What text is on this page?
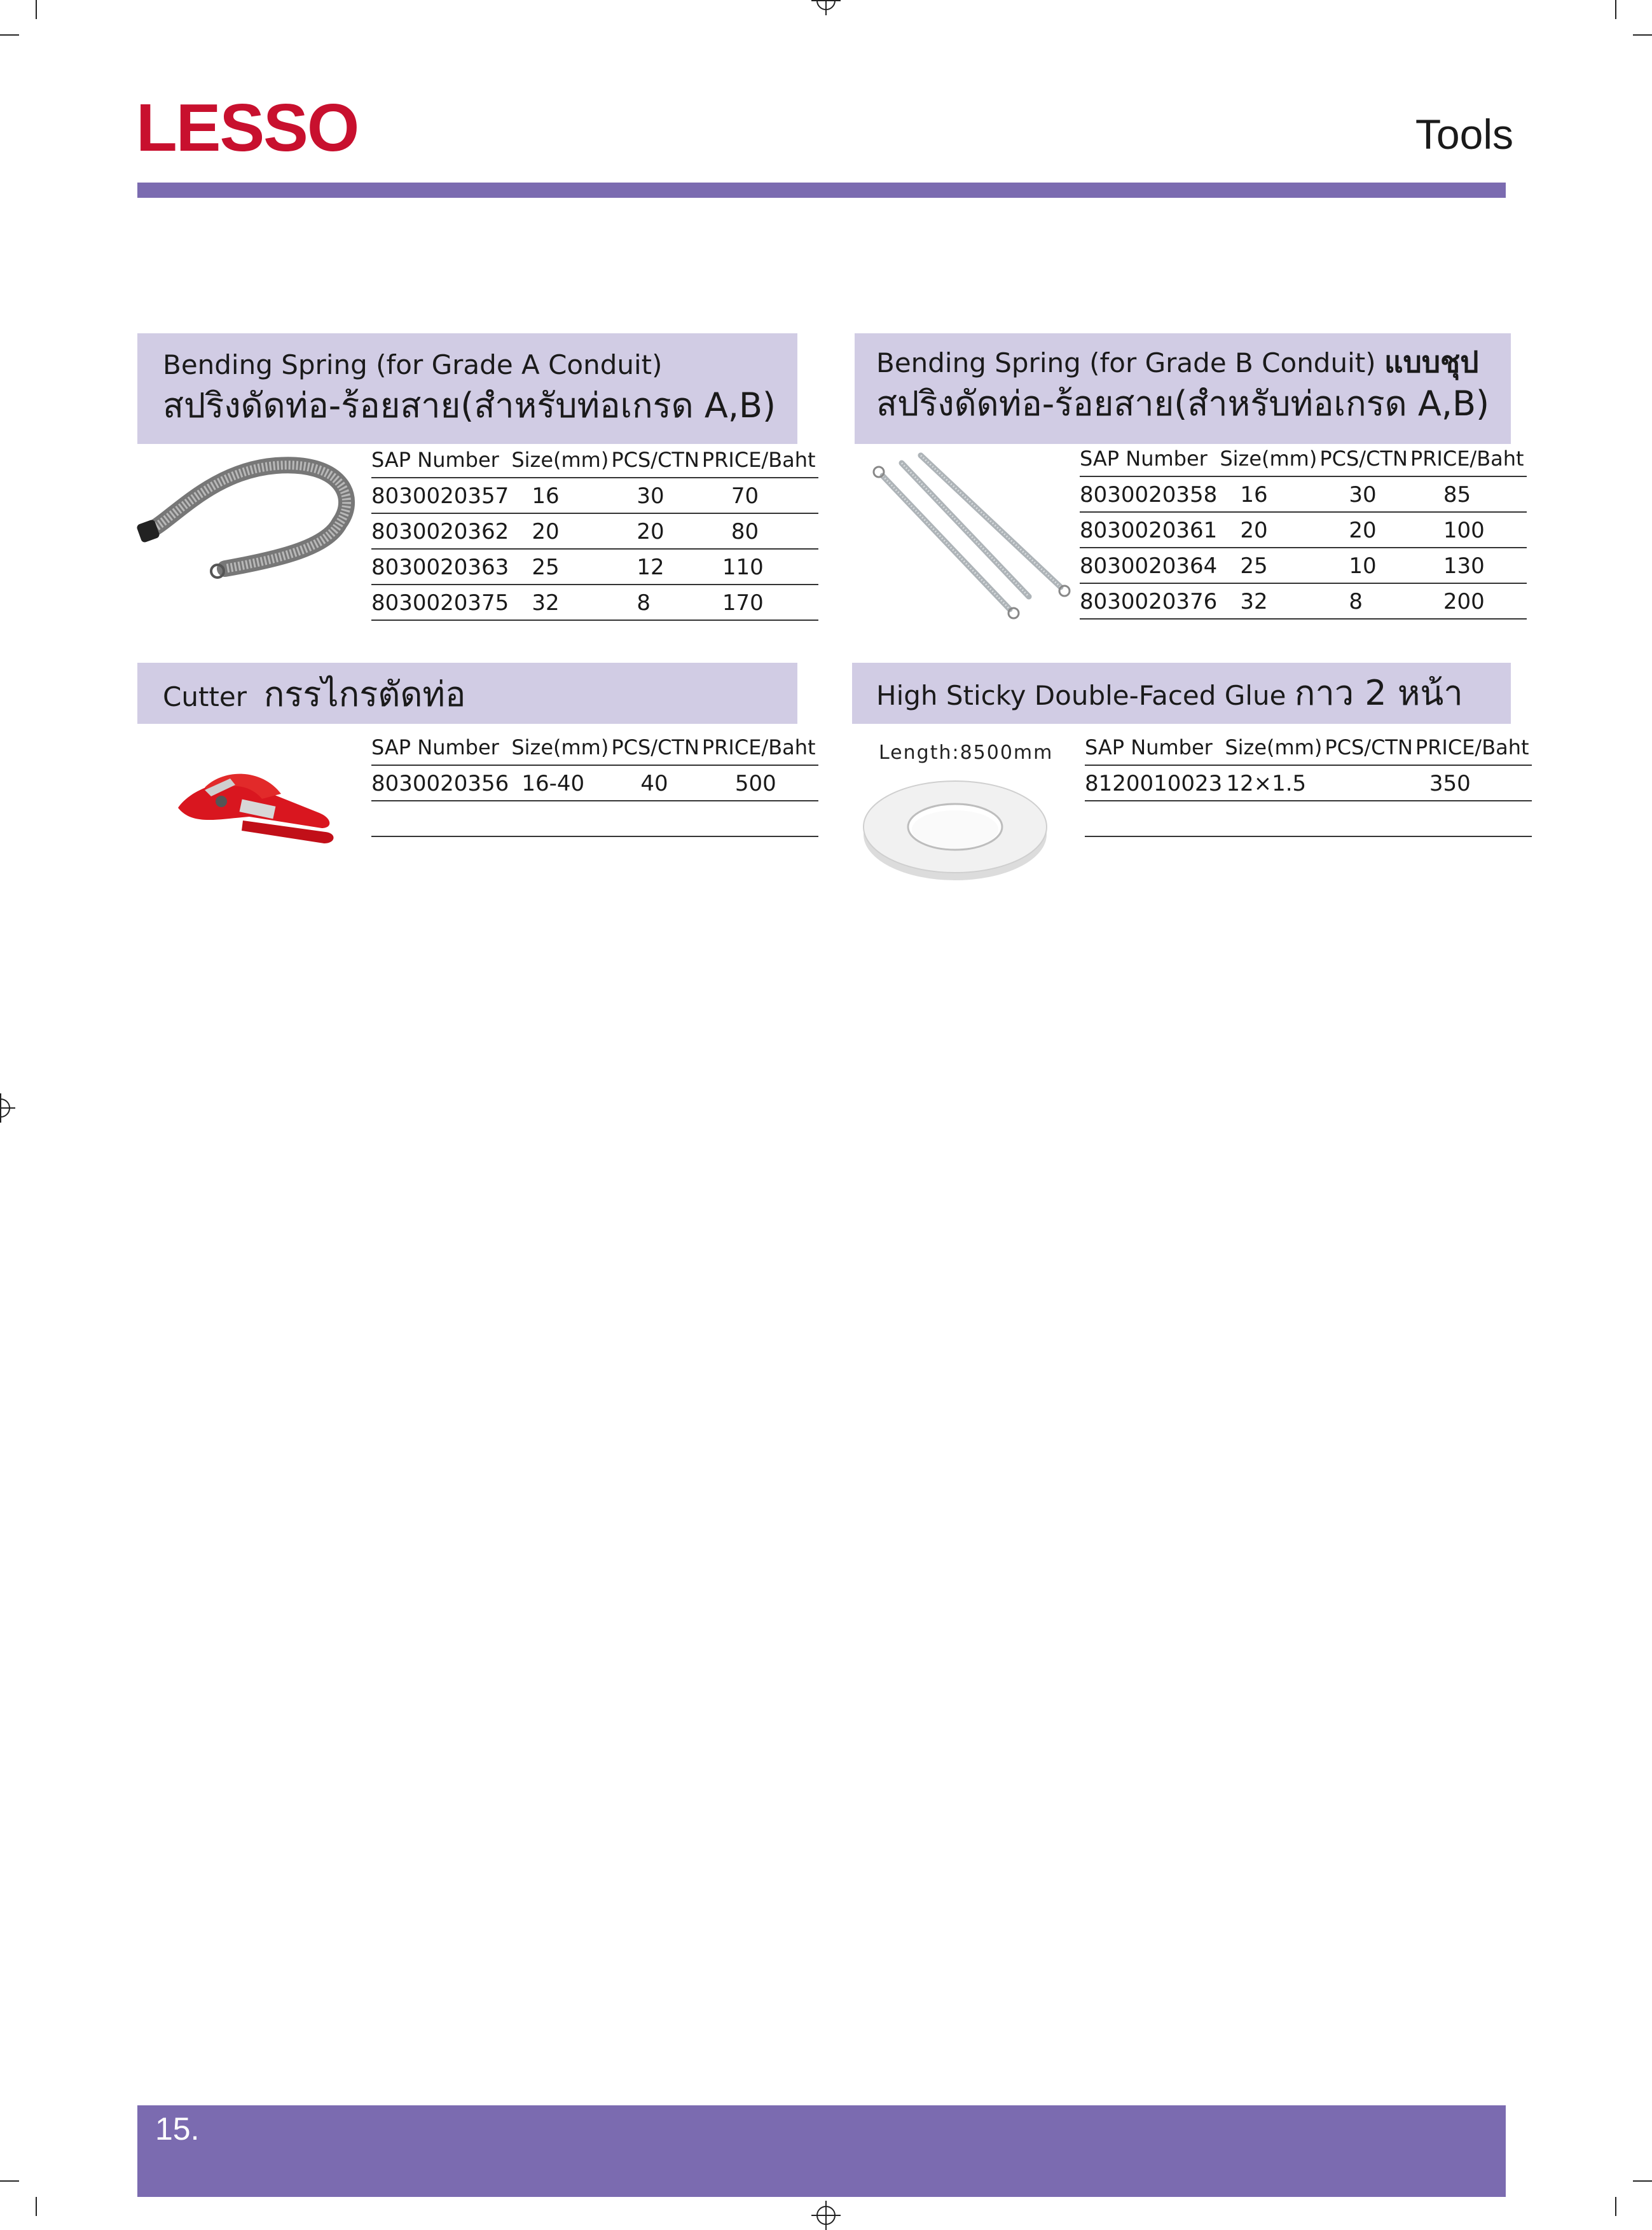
LESSO	Tools
Bending Spring (for Grade A Conduit)
สปริงดัดท่อ-ร้อยสาย(สำหรับท่อเกรด A,B)
SAP Number	Size(mm)	PCS/CTN	PRICE/Baht
8030020357	16	30	70
8030020362	20	20	80
8030020363	25	12	110
8030020375	32	8	170
Bending Spring (for Grade B Conduit) แบบชุป
สปริงดัดท่อ-ร้อยสาย(สำหรับท่อเกรด A,B)
SAP Number	Size(mm)	PCS/CTN	PRICE/Baht
8030020358	16	30	85
8030020361	20	20	100
8030020364	25	10	130
8030020376	32	8	200
Cutter กรรไกรตัดท่อ
SAP Number	Size(mm)	PCS/CTN	PRICE/Baht
8030020356	16-40	40	500

High Sticky Double-Faced Glue กาว 2 หน้า
Length:8500mm SAP Number	Size(mm)	PCS/CTN	PRICE/Baht
8120010023	12×1.5		350

15.
